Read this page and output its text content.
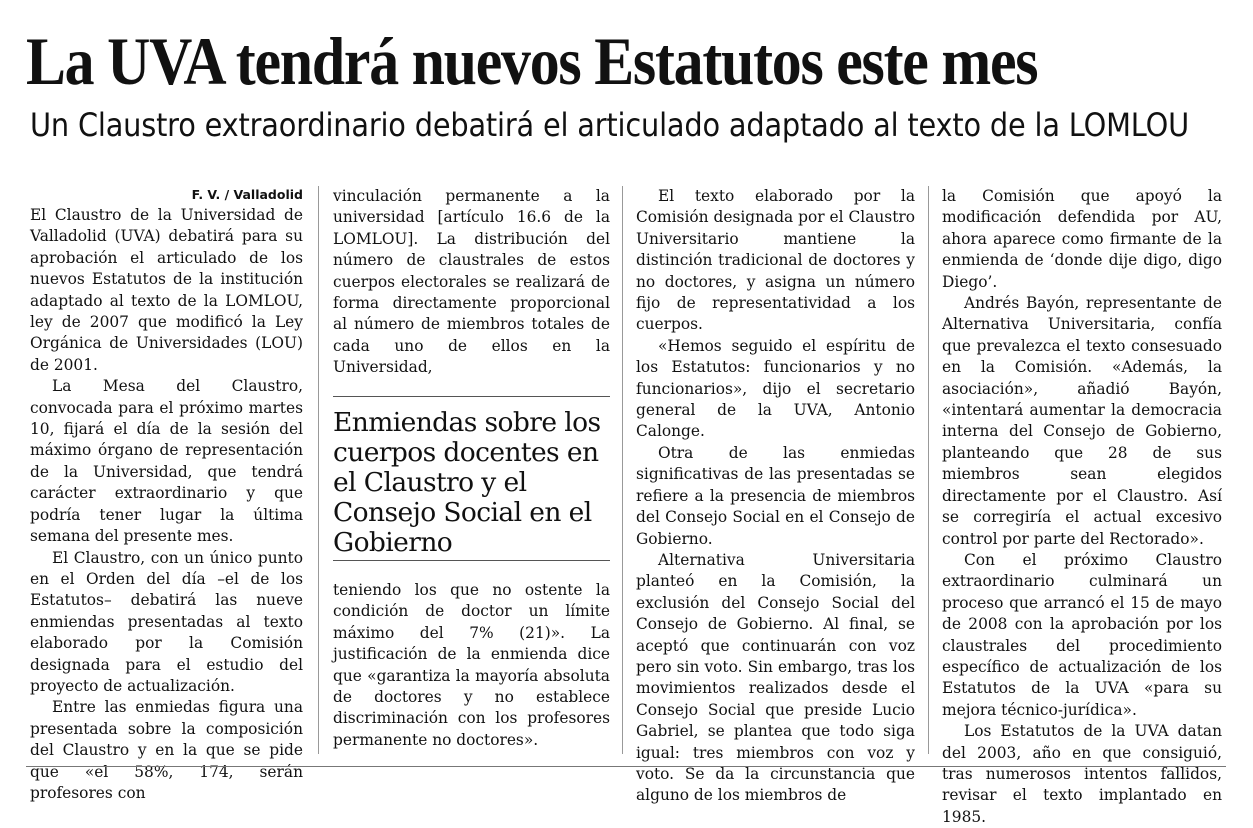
La UVA tendrá nuevos Estatutos este mes
Un Claustro extraordinario debatirá el articulado adaptado al texto de la LOMLOU
F. V. / Valladolid

El Claustro de la Universidad de Valladolid (UVA) debatirá para su aprobación el articulado de los nuevos Estatutos de la institución adaptado al texto de la LOMLOU, ley de 2007 que modificó la Ley Orgánica de Universidades (LOU) de 2001.

La Mesa del Claustro, convocada para el próximo martes 10, fijará el día de la sesión del máximo órgano de representación de la Universidad, que tendrá carácter extraordinario y que podría tener lugar la última semana del presente mes.

El Claustro, con un único punto en el Orden del día –el de los Estatutos– debatirá las nueve enmiendas presentadas al texto elaborado por la Comisión designada para el estudio del proyecto de actualización.

Entre las enmiedas figura una presentada sobre la composición del Claustro y en la que se pide que «el 58%, 174, serán profesores con

vinculación permanente a la universidad [artículo 16.6 de la LOMLOU]. La distribución del número de claustrales de estos cuerpos electorales se realizará de forma directamente proporcional al número de miembros totales de cada uno de ellos en la Universidad,

Enmiendas sobre los cuerpos docentes en el Claustro y el Consejo Social en el Gobierno

teniendo los que no ostente la condición de doctor un límite máximo del 7% (21)». La justificación de la enmienda dice que «garantiza la mayoría absoluta de doctores y no establece discriminación con los profesores permanente no doctores».

El texto elaborado por la Comisión designada por el Claustro Universitario mantiene la distinción tradicional de doctores y no doctores, y asigna un número fijo de representatividad a los cuerpos.

«Hemos seguido el espíritu de los Estatutos: funcionarios y no funcionarios», dijo el secretario general de la UVA, Antonio Calonge.

Otra de las enmiedas significativas de las presentadas se refiere a la presencia de miembros del Consejo Social en el Consejo de Gobierno.

Alternativa Universitaria planteó en la Comisión, la exclusión del Consejo Social del Consejo de Gobierno. Al final, se aceptó que continuarán con voz pero sin voto. Sin embargo, tras los movimientos realizados desde el Consejo Social que preside Lucio Gabriel, se plantea que todo siga igual: tres miembros con voz y voto. Se da la circunstancia que alguno de los miembros de

la Comisión que apoyó la modificación defendida por AU, ahora aparece como firmante de la enmienda de ‘donde dije digo, digo Diego’.

Andrés Bayón, representante de Alternativa Universitaria, confía que prevalezca el texto consesuado en la Comisión. «Además, la asociación», añadió Bayón, «intentará aumentar la democracia interna del Consejo de Gobierno, planteando que 28 de sus miembros sean elegidos directamente por el Claustro. Así se corregiría el actual excesivo control por parte del Rectorado».

Con el próximo Claustro extraordinario culminará un proceso que arrancó el 15 de mayo de 2008 con la aprobación por los claustrales del procedimiento específico de actualización de los Estatutos de la UVA «para su mejora técnico-jurídica».

Los Estatutos de la UVA datan del 2003, año en que consiguió, tras numerosos intentos fallidos, revisar el texto implantado en 1985.
